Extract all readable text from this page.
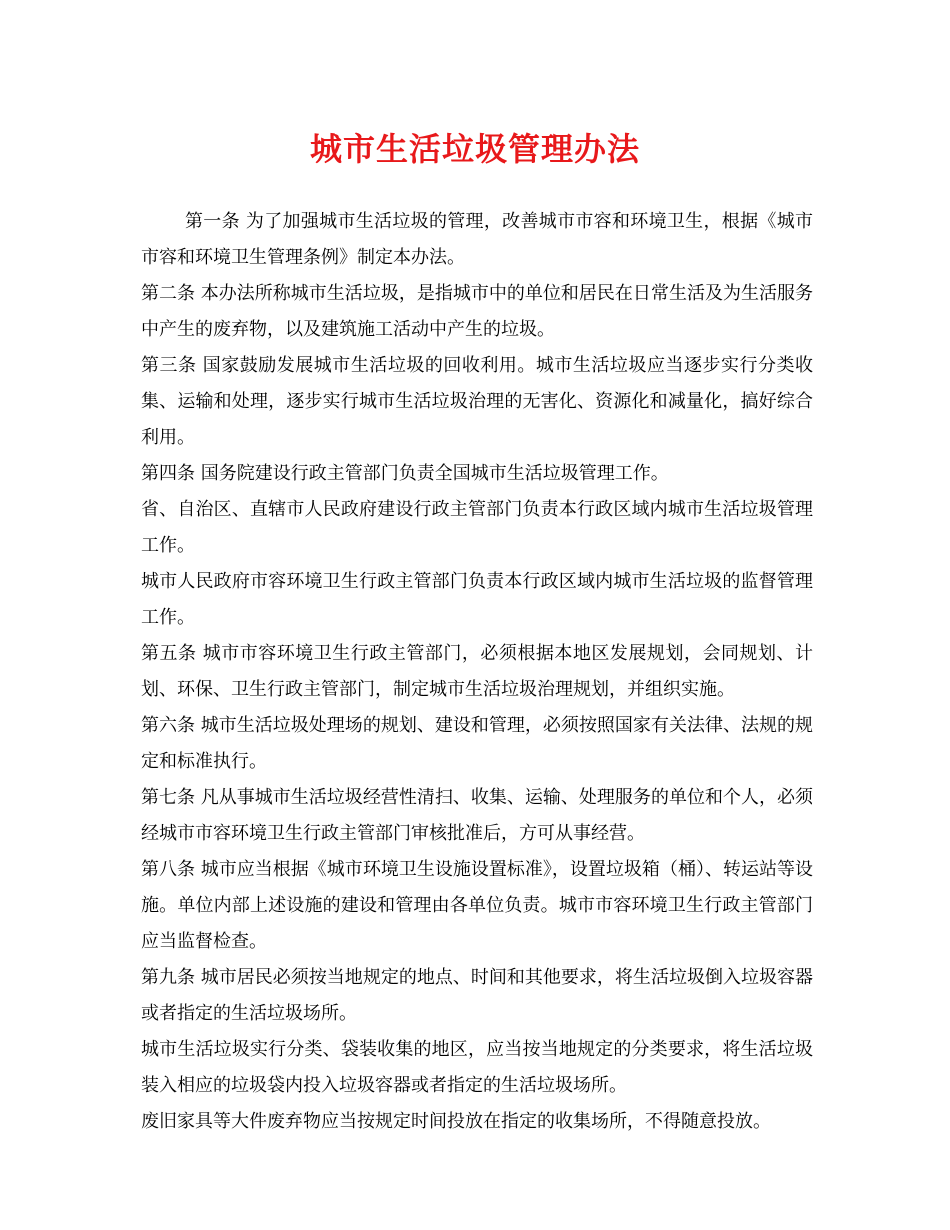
城市生活垃圾管理办法

第一条 为了加强城市生活垃圾的管理，改善城市市容和环境卫生，根据《城市市容和环境卫生管理条例》制定本办法。

第二条 本办法所称城市生活垃圾，是指城市中的单位和居民在日常生活及为生活服务中产生的废弃物，以及建筑施工活动中产生的垃圾。

第三条 国家鼓励发展城市生活垃圾的回收利用。城市生活垃圾应当逐步实行分类收集、运输和处理，逐步实行城市生活垃圾治理的无害化、资源化和减量化，搞好综合利用。

第四条 国务院建设行政主管部门负责全国城市生活垃圾管理工作。

省、自治区、直辖市人民政府建设行政主管部门负责本行政区域内城市生活垃圾管理工作。

城市人民政府市容环境卫生行政主管部门负责本行政区域内城市生活垃圾的监督管理工作。

第五条 城市市容环境卫生行政主管部门，必须根据本地区发展规划，会同规划、计划、环保、卫生行政主管部门，制定城市生活垃圾治理规划，并组织实施。

第六条 城市生活垃圾处理场的规划、建设和管理，必须按照国家有关法律、法规的规定和标准执行。

第七条 凡从事城市生活垃圾经营性清扫、收集、运输、处理服务的单位和个人，必须经城市市容环境卫生行政主管部门审核批准后，方可从事经营。

第八条 城市应当根据《城市环境卫生设施设置标准》，设置垃圾箱（桶）、转运站等设施。单位内部上述设施的建设和管理由各单位负责。城市市容环境卫生行政主管部门应当监督检查。

第九条 城市居民必须按当地规定的地点、时间和其他要求，将生活垃圾倒入垃圾容器或者指定的生活垃圾场所。

城市生活垃圾实行分类、袋装收集的地区，应当按当地规定的分类要求，将生活垃圾装入相应的垃圾袋内投入垃圾容器或者指定的生活垃圾场所。

废旧家具等大件废弃物应当按规定时间投放在指定的收集场所，不得随意投放。
